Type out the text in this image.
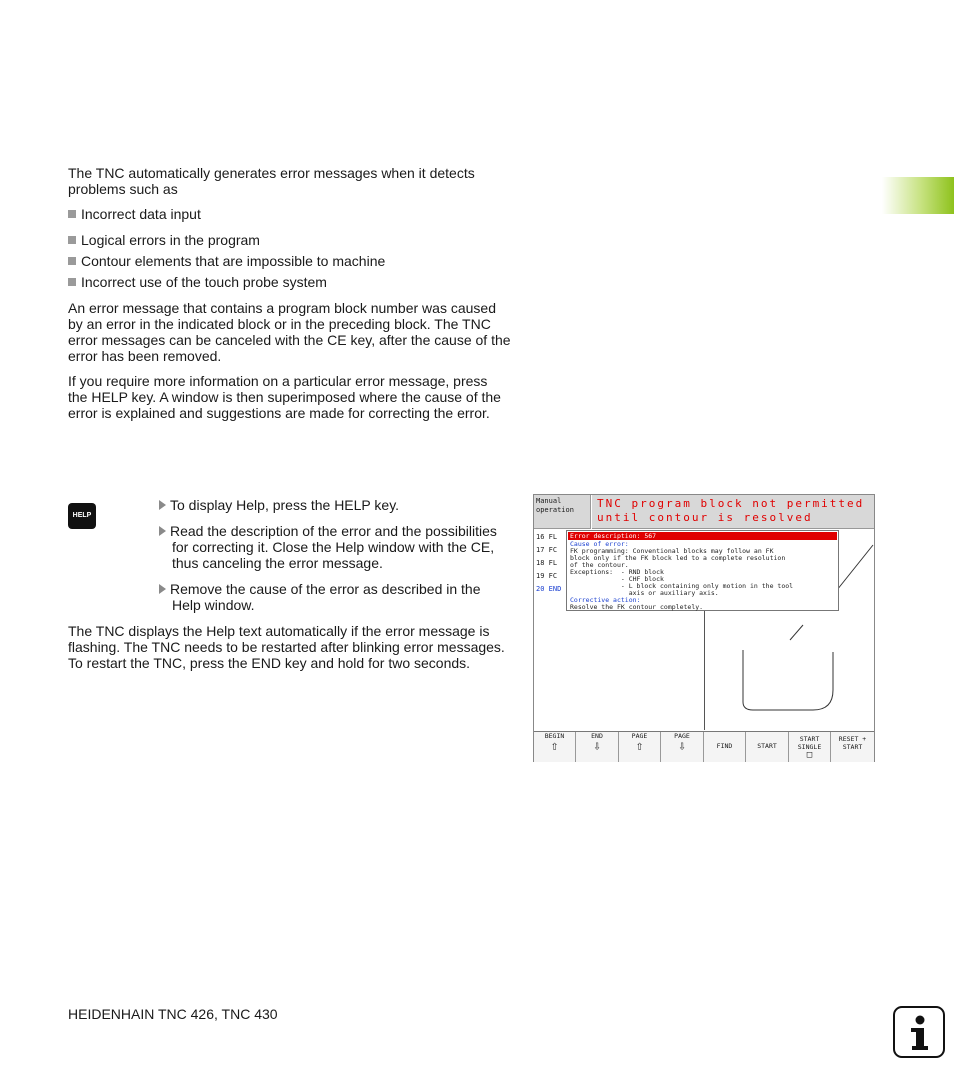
The TNC automatically generates error messages when it detects problems such as

Incorrect data input
Logical errors in the program
Contour elements that are impossible to machine
Incorrect use of the touch probe system

An error message that contains a program block number was caused by an error in the indicated block or in the preceding block. The TNC error messages can be canceled with the CE key, after the cause of the error has been removed.

If you require more information on a particular error message, press the HELP key. A window is then superimposed where the cause of the error is explained and suggestions are made for correcting the error.

HELP
To display Help, press the HELP key.
Read the description of the error and the possibilities for correcting it. Close the Help window with the CE, thus canceling the error message.
Remove the cause of the error as described in the Help window.

The TNC displays the Help text automatically if the error message is flashing. The TNC needs to be restarted after blinking error messages. To restart the TNC, press the END key and hold for two seconds.

Manual
operation	TNC program block not permitted
until contour is resolved
16 FL
17 FC
18 FL
19 FC
20 END
Error description: 567
Cause of error:
FK programming: Conventional blocks may follow an FK
block only if the FK block led to a complete resolution
of the contour.
Exceptions:  - RND block
- CHF block
- L block containing only motion in the tool
axis or auxiliary axis.
Corrective action:
Resolve the FK contour completely.
BEGIN
⇧
END
⇩
PAGE
⇧
PAGE
⇩	FIND	START
START SINGLE
□
RESET + START
HEIDENHAIN TNC 426, TNC 430
